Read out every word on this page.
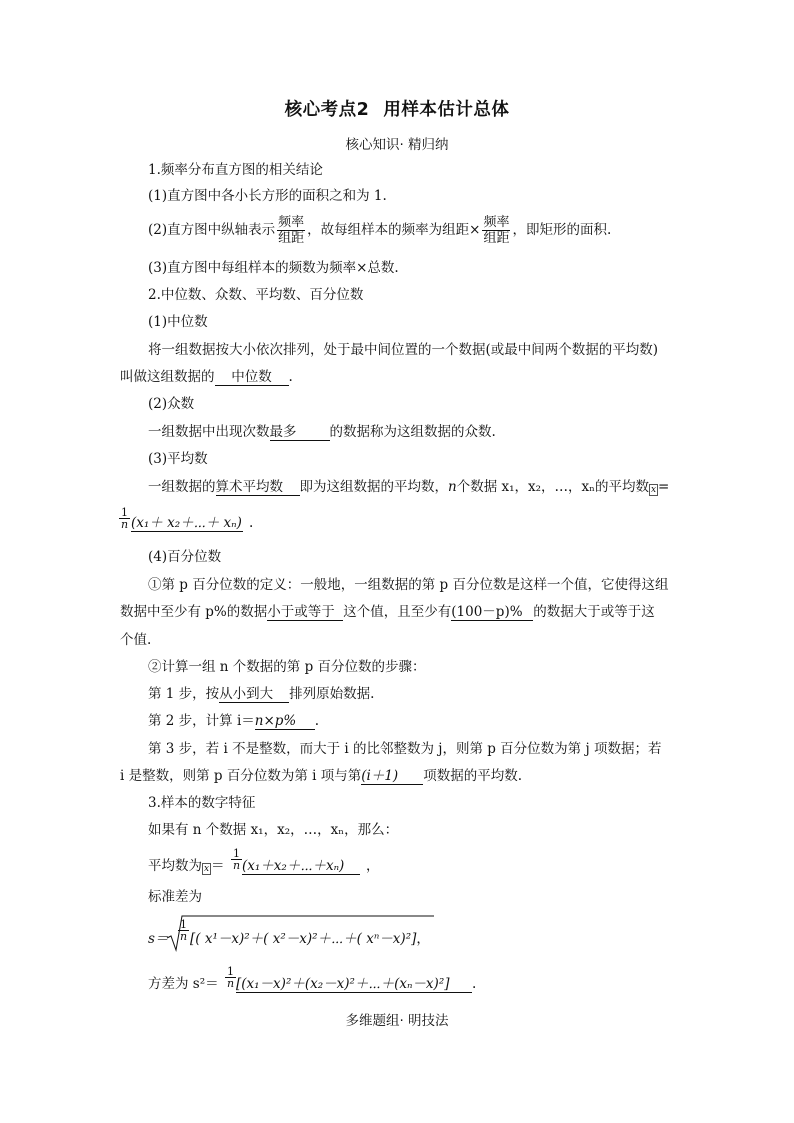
核心考点2 用样本估计总体
核心知识· 精归纳
1.频率分布直方图的相关结论
(1)直方图中各小长方形的面积之和为 1.
(2)直方图中纵轴表示 $\frac{\text{频率}}{\text{组距}}$ ，故每组样本的频率为组距× $\frac{\text{频率}}{\text{组距}}$ ，即矩形的面积.
(3)直方图中每组样本的频数为频率×总数.
2.中位数、众数、平均数、百分位数
(1)中位数
将一组数据按大小依次排列，处于最中间位置的一个数据(或最中间两个数据的平均数)
叫做这组数据的 中位数 .
(2)众数
一组数据中出现次数最多 的数据称为这组数据的众数.
(3)平均数
一组数据的算术平均数 即为这组数据的平均数，n个数据 x₁，x₂，…，xₙ的平均数 x =
$\frac{1}{n} (x_1+$ x₂＋⋯＋ xₙ) .
(4)百分位数
①第 p 百分位数的定义：一般地，一组数据的第 p 百分位数是这样一个值，它使得这组
数据中至少有 p%的数据小于或等于 这个值，且至少有(100－p)% 的数据大于或等于这
个值.
②计算一组 n 个数据的第 p 百分位数的步骤：
第 1 步，按从小到大 排列原始数据.
第 2 步，计算 i＝n×p% .
第 3 步，若 i 不是整数，而大于 i 的比邻整数为 j，则第 p 百分位数为第 j 项数据；若
i 是整数，则第 p 百分位数为第 i 项与第(i＋1) 项数据的平均数.
3.样本的数字特征
如果有 n 个数据 x₁，x₂，…，xₙ，那么：
平均数为 $x = \frac{1}{n}$ (x₁＋x₂＋⋯＋xₙ) ，
标准差为
$s= \frac{1}{n}$ [( x¹－x)²＋( x²－x)²＋⋯＋( xⁿ－x)²]，
方差为 $s^2= \frac{1}{n}$ [(x₁－x)²＋(x₂－x)²＋⋯＋(xₙ－x)²] .
多维题组· 明技法
